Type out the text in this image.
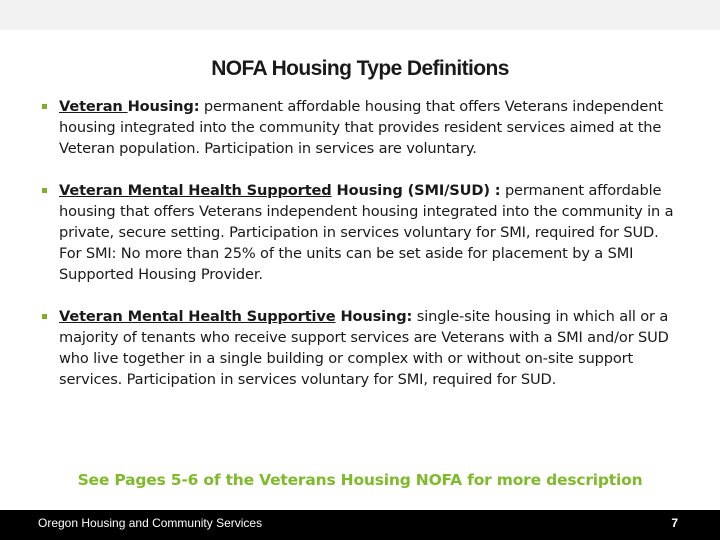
NOFA Housing Type Definitions
Veteran Housing: permanent affordable housing that offers Veterans independent housing integrated into the community that provides resident services aimed at the Veteran population. Participation in services are voluntary.
Veteran Mental Health Supported Housing (SMI/SUD) : permanent affordable housing that offers Veterans independent housing integrated into the community in a private, secure setting. Participation in services voluntary for SMI, required for SUD. For SMI: No more than 25% of the units can be set aside for placement by a SMI Supported Housing Provider.
Veteran Mental Health Supportive Housing: single-site housing in which all or a majority of tenants who receive support services are Veterans with a SMI and/or SUD who live together in a single building or complex with or without on-site support services. Participation in services voluntary for SMI, required for SUD.
See Pages 5-6 of the Veterans Housing NOFA for more description
Oregon Housing and Community Services	7
